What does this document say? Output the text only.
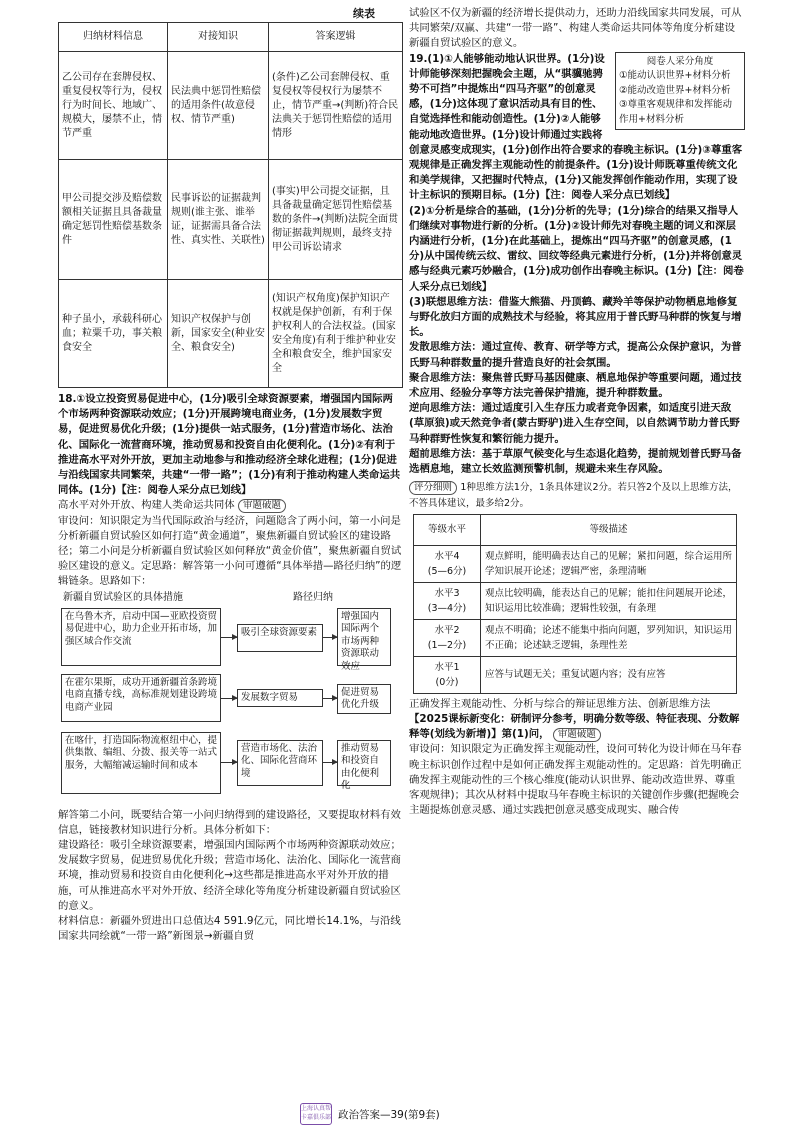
续表
归纳材料信息	对接知识	答案逻辑
乙公司存在套牌侵权、重复侵权等行为，侵权行为时间长、地域广、规模大，屡禁不止，情节严重	民法典中惩罚性赔偿的适用条件(故意侵权、情节严重)	(条件)乙公司套牌侵权、重复侵权等侵权行为屡禁不止，情节严重→(判断)符合民法典关于惩罚性赔偿的适用情形
甲公司提交涉及赔偿数额相关证据且具备裁量确定惩罚性赔偿基数条件	民事诉讼的证据裁判规则(谁主张、谁举证，证据需具备合法性、真实性、关联性)	(事实)甲公司提交证据，且具备裁量确定惩罚性赔偿基数的条件→(判断)法院全面贯彻证据裁判规则，最终支持甲公司诉讼请求
种子虽小，承载科研心血；粒粟千功，事关粮食安全	知识产权保护与创新，国家安全(种业安全、粮食安全)	(知识产权角度)保护知识产权就是保护创新，有利于保护权利人的合法权益。(国家安全角度)有利于维护种业安全和粮食安全，维护国家安全

18.①设立投资贸易促进中心，(1分)吸引全球资源要素，增强国内国际两个市场两种资源联动效应；(1分)开展跨境电商业务，(1分)发展数字贸易，促进贸易优化升级；(1分)提供一站式服务，(1分)营造市场化、法治化、国际化一流营商环境，推动贸易和投资自由化便利化。(1分)②有利于推进高水平对外开放，更加主动地参与和推动经济全球化进程；(1分)促进与沿线国家共同繁荣，共建“一带一路”；(1分)有利于推动构建人类命运共同体。(1分)【注：阅卷人采分点已划线】

高水平对外开放、构建人类命运共同体 审题破题

审设问：知识限定为当代国际政治与经济，问题隐含了两小问，第一小问是分析新疆自贸试验区如何打造“黄金通道”，聚焦新疆自贸试验区的建设路径；第二小问是分析新疆自贸试验区如何释放“黄金价值”，聚焦新疆自贸试验区建设的意义。定思路：解答第一小问可遵循“具体举措—路径归纳”的逻辑链条。思路如下：

新疆自贸试验区的具体措施	路径归纳
在乌鲁木齐，启动中国—亚欧投资贸易促进中心，助力企业开拓市场，加强区域合作交流
吸引全球资源要素
增强国内国际两个市场两种资源联动效应
在霍尔果斯，成功开通新疆首条跨境电商直播专线，高标准规划建设跨境电商产业园
发展数字贸易	促进贸易优化升级
在喀什，打造国际物流枢纽中心，提供集散、编组、分拨、报关等一站式服务，大幅缩减运输时间和成本
营造市场化、法治化、国际化营商环境
推动贸易和投资自由化便利化

解答第二小问，既要结合第一小问归纳得到的建设路径，又要提取材料有效信息，链接教材知识进行分析。具体分析如下：

建设路径：吸引全球资源要素，增强国内国际两个市场两种资源联动效应；发展数字贸易，促进贸易优化升级；营造市场化、法治化、国际化一流营商环境，推动贸易和投资自由化便利化→这些都是推进高水平对外开放的措施，可从推进高水平对外开放、经济全球化等角度分析建设新疆自贸试验区的意义。

材料信息：新疆外贸进出口总值达4 591.9亿元，同比增长14.1%，与沿线国家共同绘就“一带一路”新图景→新疆自贸

试验区不仅为新疆的经济增长提供动力，还助力沿线国家共同发展，可从共同繁荣/双赢、共建“一带一路”、构建人类命运共同体等角度分析建设新疆自贸试验区的意义。

阅卷人采分角度
①能动认识世界+材料分析
②能动改造世界+材料分析
③尊重客观规律和发挥能动作用+材料分析

19.(1)①人能够能动地认识世界。(1分)设计师能够深刻把握晚会主题，从“骐骥驰骋　势不可挡”中提炼出“四马齐驱”的创意灵感，(1分)这体现了意识活动具有目的性、自觉选择性和能动创造性。(1分)②人能够能动地改造世界。(1分)设计师通过实践将创意灵感变成现实，(1分)创作出符合要求的春晚主标识。(1分)③尊重客观规律是正确发挥主观能动性的前提条件。(1分)设计师既尊重传统文化和美学规律，又把握时代特点，(1分)又能发挥创作能动作用，实现了设计主标识的预期目标。(1分)【注：阅卷人采分点已划线】

(2)①分析是综合的基础，(1分)分析的先导；(1分)综合的结果又指导人们继续对事物进行新的分析。(1分)②设计师先对春晚主题的词义和深层内涵进行分析，(1分)在此基础上，提炼出“四马齐驱”的创意灵感，(1分)从中国传统云纹、雷纹、回纹等经典元素进行分析，(1分)并将创意灵感与经典元素巧妙融合，(1分)成功创作出春晚主标识。(1分)【注：阅卷人采分点已划线】

(3)联想思维方法：借鉴大熊猫、丹顶鹤、藏羚羊等保护动物栖息地修复与野化放归方面的成熟技术与经验，将其应用于普氏野马种群的恢复与增长。

发散思维方法：通过宣传、教育、研学等方式，提高公众保护意识，为普氏野马种群数量的提升营造良好的社会氛围。

聚合思维方法：聚焦普氏野马基因健康、栖息地保护等重要问题，通过技术应用、经验分享等方法完善保护措施，提升种群数量。

逆向思维方法：通过适度引入生存压力或者竞争因素，如适度引进天敌(草原狼)或天然竞争者(蒙古野驴)进入生存空间，以自然调节助力普氏野马种群野性恢复和繁衍能力提升。

超前思维方法：基于草原气候变化与生态退化趋势，提前规划普氏野马备选栖息地，建立长效监测预警机制，规避未来生存风险。

评分细则 1种思维方法1分，1条具体建议2分。若只答2个及以上思维方法，不答具体建议，最多给2分。

等级水平	等级描述
水平4
(5—6分)	观点鲜明，能明确表达自己的见解；紧扣问题，综合运用所学知识展开论述；逻辑严密，条理清晰
水平3
(3—4分)	观点比较明确，能表达自己的见解；能扣住问题展开论述，知识运用比较准确；逻辑性较强，有条理
水平2
(1—2分)	观点不明确；论述不能集中指向问题，罗列知识，知识运用不正确；论述缺乏逻辑，条理性差
水平1
(0分)	应答与试题无关；重复试题内容；没有应答

正确发挥主观能动性、分析与综合的辩证思维方法、创新思维方法

【2025课标新变化：研制评分参考，明确分数等级、特征表现、分数解释等(划线为新增)】第(1)问， 审题破题

审设问：知识限定为正确发挥主观能动性，设问可转化为设计师在马年春晚主标识创作过程中是如何正确发挥主观能动性的。定思路：首先明确正确发挥主观能动性的三个核心维度(能动认识世界、能动改造世界、尊重客观规律)；其次从材料中提取马年春晚主标识的关键创作步骤(把握晚会主题提炼创意灵感、通过实践把创意灵感变成现实、融合传

上海认真帮 卡嘉俱乐部 政治答案—39(第9套)
